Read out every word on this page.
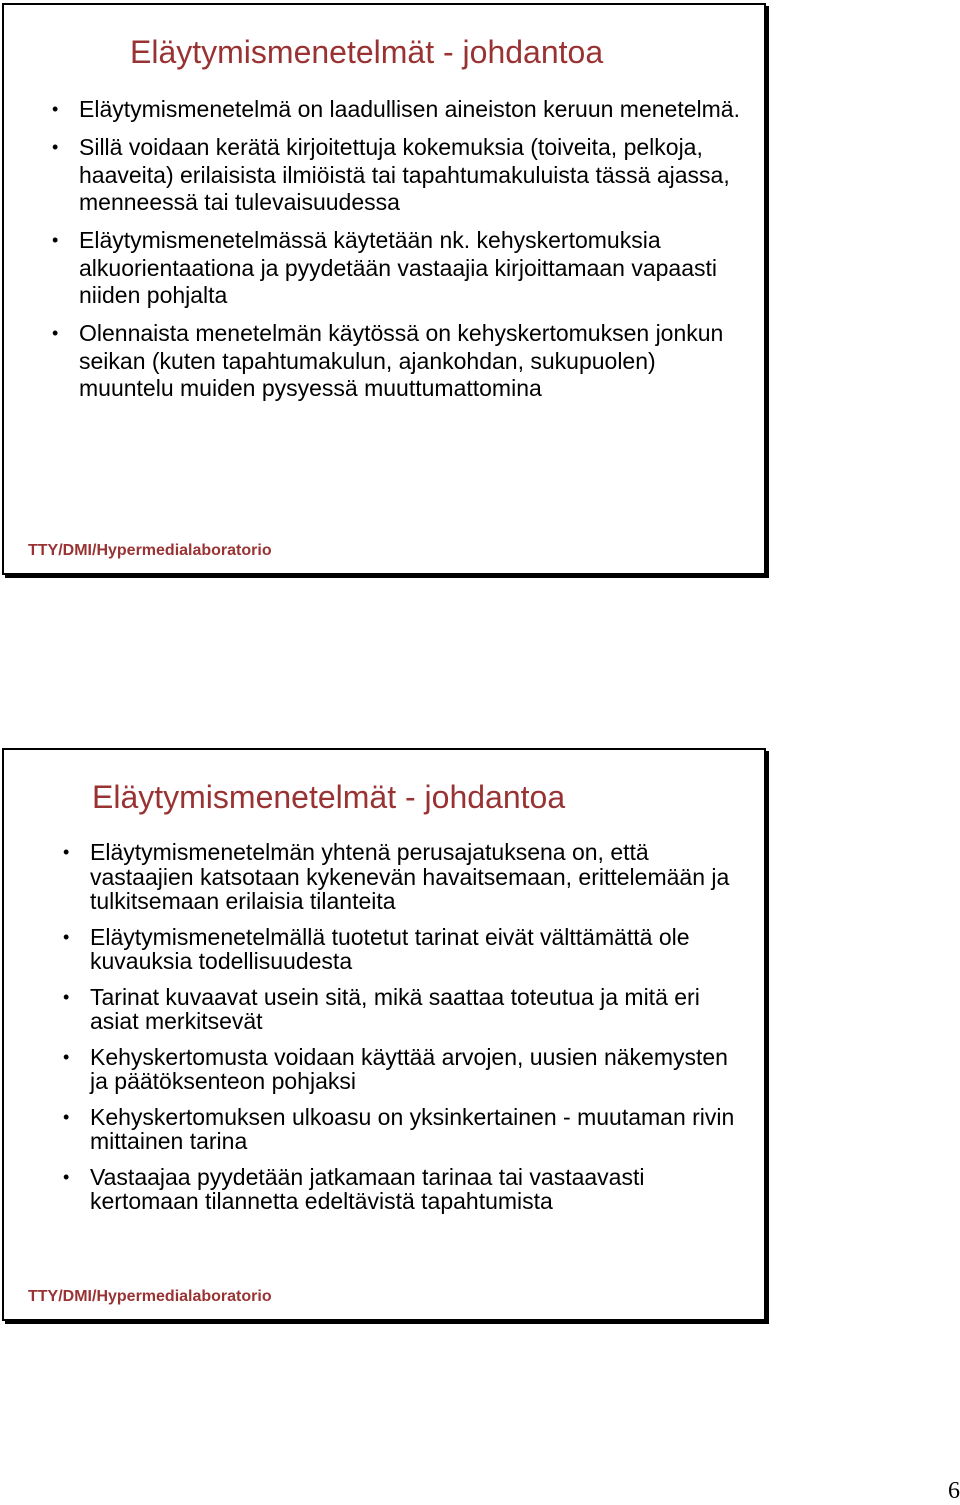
Eläytymismenetelmät - johdantoa
• Eläytymismenetelmä on laadullisen aineiston keruun menetelmä.
• Sillä voidaan kerätä kirjoitettuja kokemuksia (toiveita, pelkoja, haaveita) erilaisista ilmiöistä tai tapahtumakuluista tässä ajassa, menneessä tai tulevaisuudessa
• Eläytymismenetelmässä käytetään nk. kehyskertomuksia alkuorientaationa ja pyydetään vastaajia kirjoittamaan vapaasti niiden pohjalta
• Olennaista menetelmän käytössä on kehyskertomuksen jonkun seikan (kuten tapahtumakulun, ajankohdan, sukupuolen) muuntelu muiden pysyessä muuttumattomina
TTY/DMI/Hypermedialaboratorio
Eläytymismenetelmät - johdantoa
• Eläytymismenetelmän yhtenä perusajatuksena on, että vastaajien katsotaan kykenevän havaitsemaan, erittelemään ja tulkitsemaan erilaisia tilanteita
• Eläytymismenetelmällä tuotetut tarinat eivät välttämättä ole kuvauksia todellisuudesta
• Tarinat kuvaavat usein sitä, mikä saattaa toteutua ja mitä eri asiat merkitsevät
• Kehyskertomusta voidaan käyttää arvojen, uusien näkemysten ja päätöksenteon pohjaksi
• Kehyskertomuksen ulkoasu on yksinkertainen - muutaman rivin mittainen tarina
• Vastaajaa pyydetään jatkamaan tarinaa tai vastaavasti kertomaan tilannetta edeltävistä tapahtumista
TTY/DMI/Hypermedialaboratorio
6
